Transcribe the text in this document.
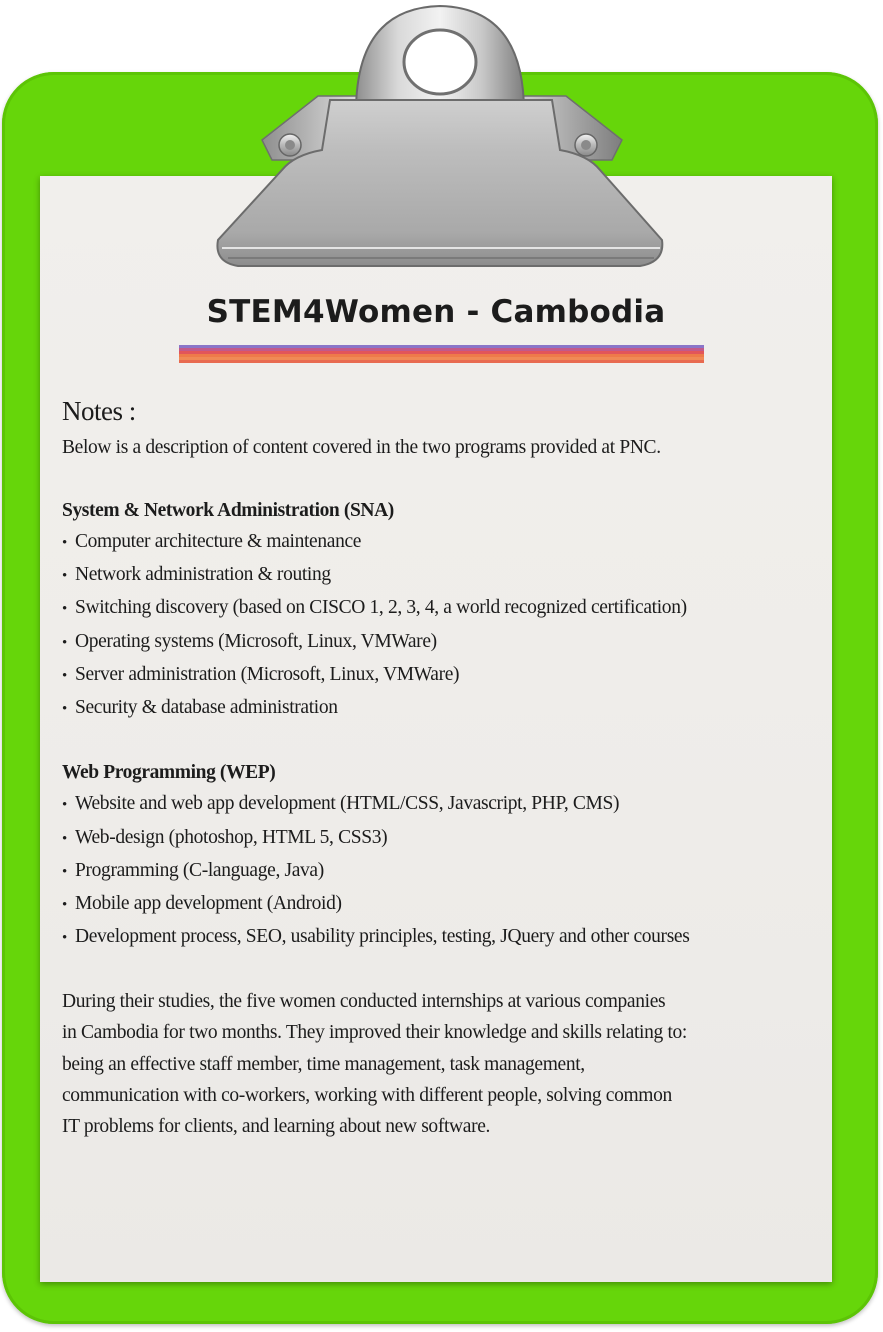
STEM4Women - Cambodia
Notes :
Below is a description of content covered in the two programs provided at PNC.
System & Network Administration (SNA)
• Computer architecture & maintenance
• Network administration & routing
• Switching discovery (based on CISCO 1, 2, 3, 4, a world recognized certification)
• Operating systems (Microsoft, Linux, VMWare)
• Server administration (Microsoft, Linux, VMWare)
• Security & database administration
Web Programming (WEP)
• Website and web app development (HTML/CSS, Javascript, PHP, CMS)
• Web-design (photoshop, HTML 5, CSS3)
• Programming (C-language, Java)
• Mobile app development (Android)
• Development process, SEO, usability principles, testing, JQuery and other courses
During their studies, the five women conducted internships at various companies
in Cambodia for two months. They improved their knowledge and skills relating to:
being an effective staff member, time management, task management,
communication with co-workers, working with different people, solving common
IT problems for clients, and learning about new software.
